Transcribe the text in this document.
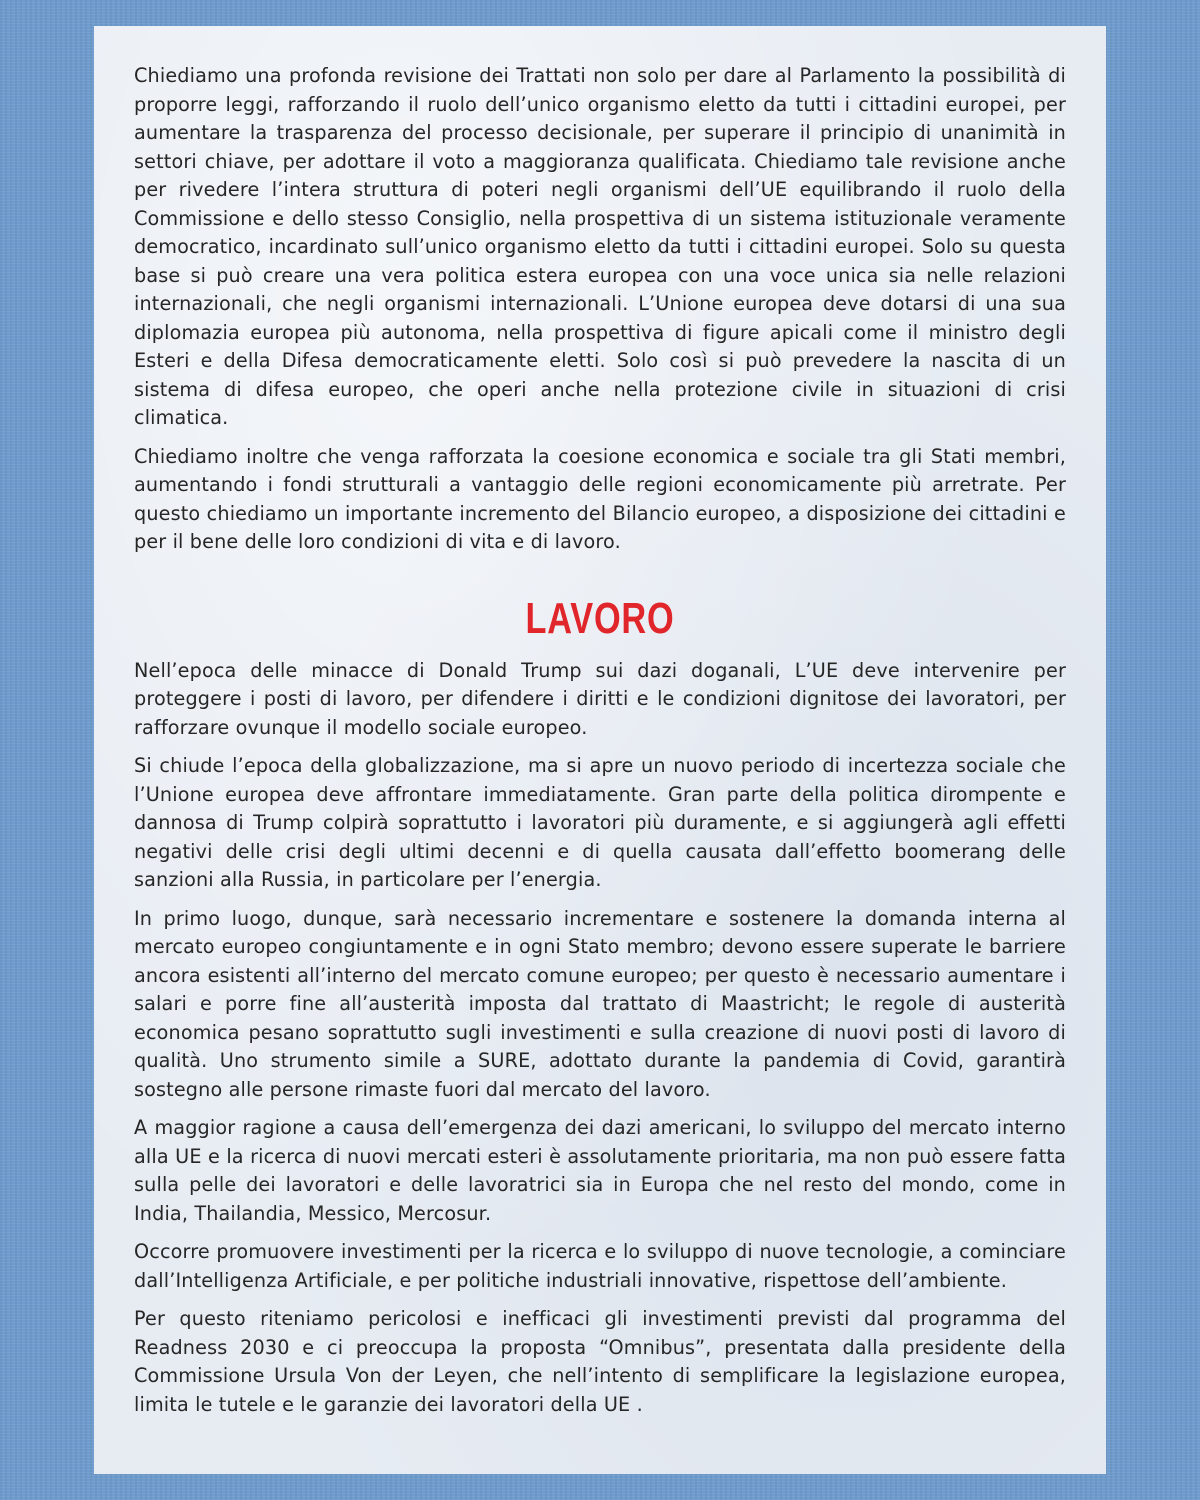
Chiediamo una profonda revisione dei Trattati non solo per dare al Parlamento la possibilità di proporre leggi, rafforzando il ruolo dell’unico organismo eletto da tutti i cittadini europei, per aumentare la trasparenza del processo decisionale, per superare il principio di unanimità in settori chiave, per adottare il voto a maggioranza qualificata. Chiediamo tale revisione anche per rivedere l’intera struttura di poteri negli organismi dell’UE equilibrando il ruolo della Commissione e dello stesso Consiglio, nella prospettiva di un sistema istituzionale veramente democratico, incardinato sull’unico organismo eletto da tutti i cittadini europei. Solo su questa base si può creare una vera politica estera europea con una voce unica sia nelle relazioni internazionali, che negli organismi internazionali. L’Unione europea deve dotarsi di una sua diplomazia europea più autonoma, nella prospettiva di figure apicali come il ministro degli Esteri e della Difesa democraticamente eletti. Solo così si può prevedere la nascita di un sistema di difesa europeo, che operi anche nella protezione civile in situazioni di crisi climatica.

Chiediamo inoltre che venga rafforzata la coesione economica e sociale tra gli Stati membri, aumentando i fondi strutturali a vantaggio delle regioni economicamente più arretrate. Per questo chiediamo un importante incremento del Bilancio europeo, a disposizione dei cittadini e per il bene delle loro condizioni di vita e di lavoro.

LAVORO

Nell’epoca delle minacce di Donald Trump sui dazi doganali, L’UE deve intervenire per proteggere i posti di lavoro, per difendere i diritti e le condizioni dignitose dei lavoratori, per rafforzare ovunque il modello sociale europeo.

Si chiude l’epoca della globalizzazione, ma si apre un nuovo periodo di incertezza sociale che l’Unione europea deve affrontare immediatamente. Gran parte della politica dirompente e dannosa di Trump colpirà soprattutto i lavoratori più duramente, e si aggiungerà agli effetti negativi delle crisi degli ultimi decenni e di quella causata dall’effetto boomerang delle sanzioni alla Russia, in particolare per l’energia.

In primo luogo, dunque, sarà necessario incrementare e sostenere la domanda interna al mercato europeo congiuntamente e in ogni Stato membro; devono essere superate le barriere ancora esistenti all’interno del mercato comune europeo; per questo è necessario aumentare i salari e porre fine all’austerità imposta dal trattato di Maastricht; le regole di austerità economica pesano soprattutto sugli investimenti e sulla creazione di nuovi posti di lavoro di qualità. Uno strumento simile a SURE, adottato durante la pandemia di Covid, garantirà sostegno alle persone rimaste fuori dal mercato del lavoro.

A maggior ragione a causa dell’emergenza dei dazi americani, lo sviluppo del mercato interno alla UE e la ricerca di nuovi mercati esteri è assolutamente prioritaria, ma non può essere fatta sulla pelle dei lavoratori e delle lavoratrici sia in Europa che nel resto del mondo, come in India, Thailandia, Messico, Mercosur.

Occorre promuovere investimenti per la ricerca e lo sviluppo di nuove tecnologie, a cominciare dall’Intelligenza Artificiale, e per politiche industriali innovative, rispettose dell’ambiente.

Per questo riteniamo pericolosi e inefficaci gli investimenti previsti dal programma del Readness 2030 e ci preoccupa la proposta “Omnibus”, presentata dalla presidente della Commissione Ursula Von der Leyen, che nell’intento di semplificare la legislazione europea, limita le tutele e le garanzie dei lavoratori della UE .
